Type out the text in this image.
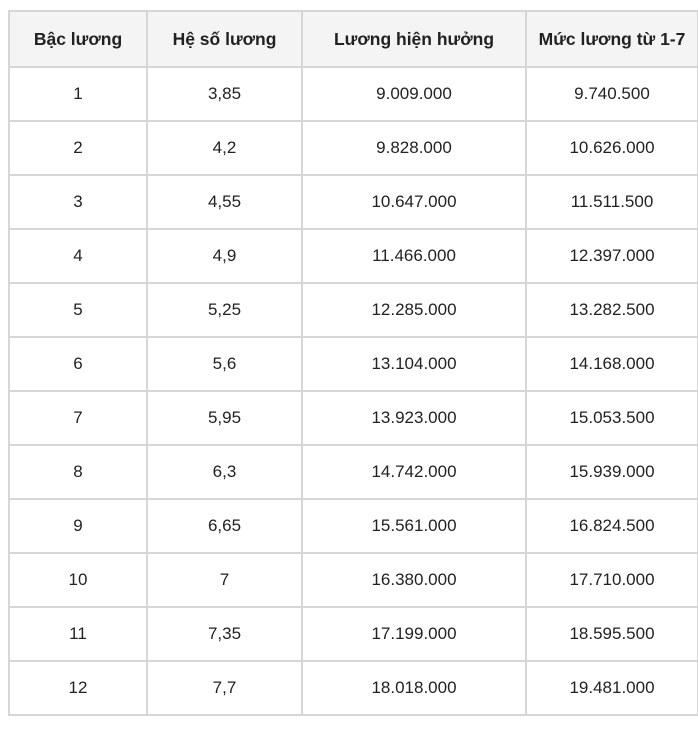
Bậc lương	Hệ số lương	Lương hiện hưởng	Mức lương từ 1-7
1	3,85	9.009.000	9.740.500
2	4,2	9.828.000	10.626.000
3	4,55	10.647.000	11.511.500
4	4,9	11.466.000	12.397.000
5	5,25	12.285.000	13.282.500
6	5,6	13.104.000	14.168.000
7	5,95	13.923.000	15.053.500
8	6,3	14.742.000	15.939.000
9	6,65	15.561.000	16.824.500
10	7	16.380.000	17.710.000
11	7,35	17.199.000	18.595.500
12	7,7	18.018.000	19.481.000
